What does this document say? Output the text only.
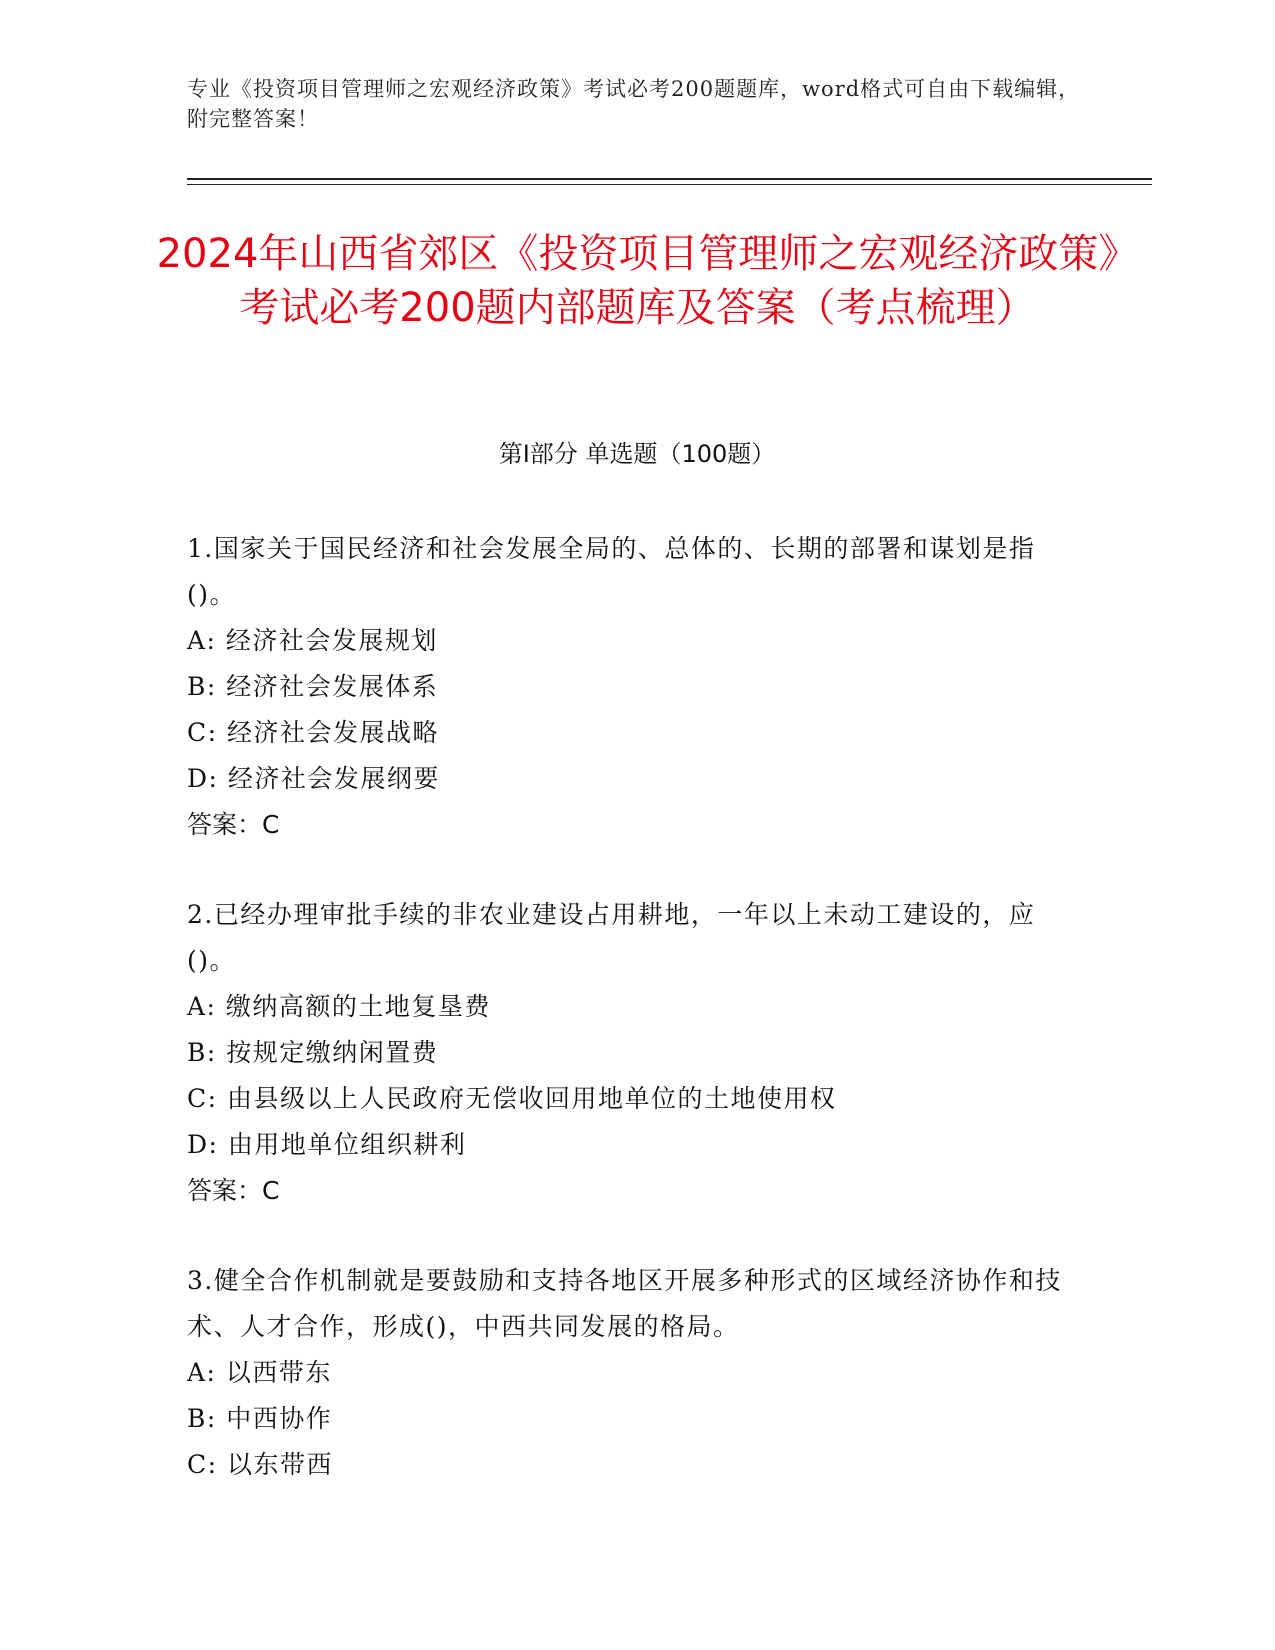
专业《投资项目管理师之宏观经济政策》考试必考200题题库，word格式可自由下载编辑，附完整答案！
2024年山西省郊区《投资项目管理师之宏观经济政策》考试必考200题内部题库及答案（考点梳理）
第I部分 单选题（100题）
1.国家关于国民经济和社会发展全局的、总体的、长期的部署和谋划是指()。
A: 经济社会发展规划
B: 经济社会发展体系
C: 经济社会发展战略
D: 经济社会发展纲要
答案：C
2.已经办理审批手续的非农业建设占用耕地，一年以上未动工建设的，应()。
A: 缴纳高额的土地复垦费
B: 按规定缴纳闲置费
C: 由县级以上人民政府无偿收回用地单位的土地使用权
D: 由用地单位组织耕利
答案：C
3.健全合作机制就是要鼓励和支持各地区开展多种形式的区域经济协作和技术、人才合作，形成()，中西共同发展的格局。
A: 以西带东
B: 中西协作
C: 以东带西
